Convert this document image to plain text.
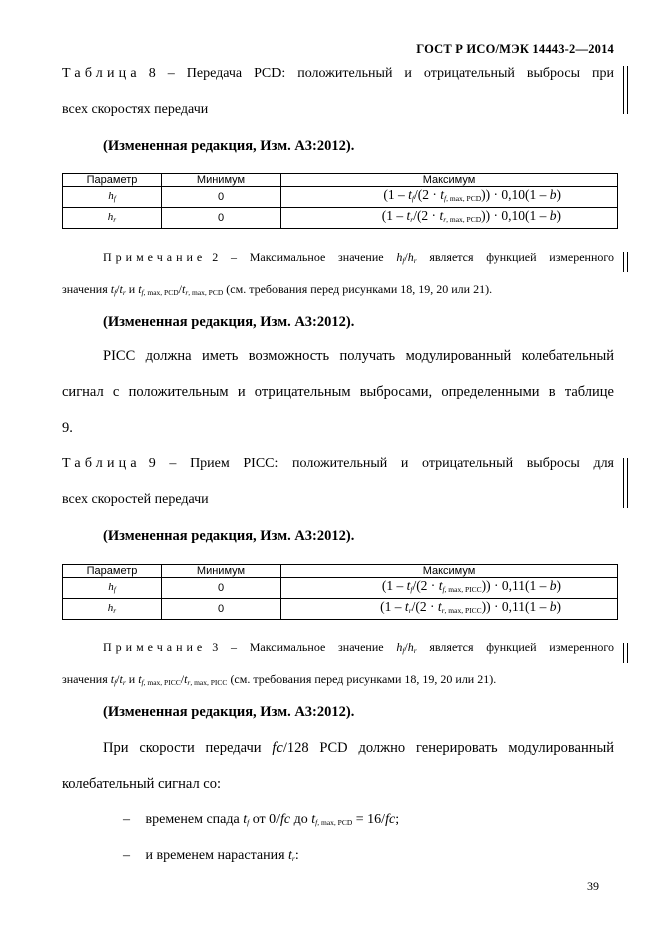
ГОСТ Р ИСО/МЭК 14443-2—2014
Таблица 8 – Передача PCD: положительный и отрицательный выбросы при
всех скоростях передачи
(Измененная редакция, Изм. А3:2012).
Параметр	Минимум	Максимум
$h_f$	0	$(1 - t_f/(2 \cdot t_{f, max, PCD})) \cdot 0,10(1 - b)$
$h_r$	0	$(1 - t_r/(2 \cdot t_{r, max, PCD})) \cdot 0,10(1 - b)$
Примечание 2 – Максимальное значение $h_f/h_r$ является функцией измеренного
значения $t_f/t_r$ и $t_{f, max, PCD}/t_{r, max, PCD}$ (см. требования перед рисунками 18, 19, 20 или 21).
(Измененная редакция, Изм. А3:2012).
PICC должна иметь возможность получать модулированный колебательный
сигнал с положительным и отрицательным выбросами, определенными в таблице
9.
Таблица 9 – Прием PICC: положительный и отрицательный выбросы для
всех скоростей передачи
(Измененная редакция, Изм. А3:2012).
Параметр	Минимум	Максимум
$h_f$	0	$(1 - t_f/(2 \cdot t_{f, max, PICC})) \cdot 0,11(1 - b)$
$h_r$	0	$(1 - t_r/(2 \cdot t_{r, max, PICC})) \cdot 0,11(1 - b)$
Примечание 3 – Максимальное значение $h_f/h_r$ является функцией измеренного
значения $t_f/t_r$ и $t_{f, max, PICC}/t_{r, max, PICC}$ (см. требования перед рисунками 18, 19, 20 или 21).
(Измененная редакция, Изм. А3:2012).
При скорости передачи fc/128 PCD должно генерировать модулированный
колебательный сигнал со:
– временем спада $t_f$ от 0/fc до $t_{f, max, PCD} = 16/fc$;
– и временем нарастания $t_r$:
39
